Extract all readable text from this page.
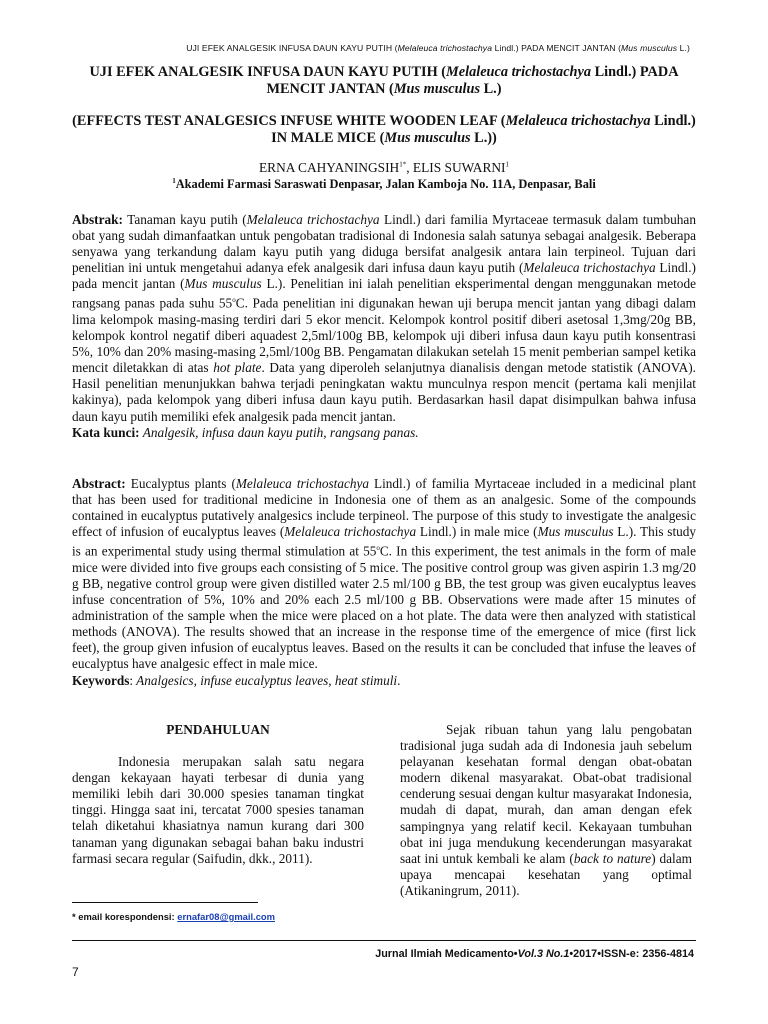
UJI EFEK ANALGESIK INFUSA DAUN KAYU PUTIH (Melaleuca trichostachya Lindl.) PADA MENCIT JANTAN (Mus musculus L.)
UJI EFEK ANALGESIK INFUSA DAUN KAYU PUTIH (Melaleuca trichostachya Lindl.) PADA MENCIT JANTAN (Mus musculus L.)
(EFFECTS TEST ANALGESICS INFUSE WHITE WOODEN LEAF (Melaleuca trichostachya Lindl.) IN MALE MICE (Mus musculus L.))
ERNA $CAHYANINGSIH^{1*}$, ELIS SUWARNI$^1$
$^1$Akademi Farmasi Saraswati Denpasar, Jalan Kamboja No. 11A, Denpasar, Bali
Abstrak: Tanaman kayu putih (Melaleuca trichostachya Lindl.) dari familia Myrtaceae termasuk dalam tumbuhan obat yang sudah dimanfaatkan untuk pengobatan tradisional di Indonesia salah satunya sebagai analgesik. Beberapa senyawa yang terkandung dalam kayu putih yang diduga bersifat analgesik antara lain terpineol. Tujuan dari penelitian ini untuk mengetahui adanya efek analgesik dari infusa daun kayu putih (Melaleuca trichostachya Lindl.) pada mencit jantan (Mus musculus L.). Penelitian ini ialah penelitian eksperimental dengan menggunakan metode rangsang panas pada suhu 55$^o$C. Pada penelitian ini digunakan hewan uji berupa mencit jantan yang dibagi dalam lima kelompok masing-masing terdiri dari 5 ekor mencit. Kelompok kontrol positif diberi asetosal 1,3mg/20g BB, kelompok kontrol negatif diberi aquadest 2,5ml/100g BB, kelompok uji diberi infusa daun kayu putih konsentrasi 5%, 10% dan 20% masing-masing 2,5ml/100g BB. Pengamatan dilakukan setelah 15 menit pemberian sampel ketika mencit diletakkan di atas hot plate. Data yang diperoleh selanjutnya dianalisis dengan metode statistik (ANOVA). Hasil penelitian menunjukkan bahwa terjadi peningkatan waktu munculnya respon mencit (pertama kali menjilat kakinya), pada kelompok yang diberi infusa daun kayu putih. Berdasarkan hasil dapat disimpulkan bahwa infusa daun kayu putih memiliki efek analgesik pada mencit jantan.
Kata kunci: Analgesik, infusa daun kayu putih, rangsang panas.
Abstract: Eucalyptus plants (Melaleuca trichostachya Lindl.) of familia Myrtaceae included in a medicinal plant that has been used for traditional medicine in Indonesia one of them as an analgesic. Some of the compounds contained in eucalyptus putatively analgesics include terpineol. The purpose of this study to investigate the analgesic effect of infusion of eucalyptus leaves (Melaleuca trichostachya Lindl.) in male mice (Mus musculus L.). This study is an experimental study using thermal stimulation at 55$^o$C. In this experiment, the test animals in the form of male mice were divided into five groups each consisting of 5 mice. The positive control group was given aspirin 1.3 mg/20 g BB, negative control group were given distilled water 2.5 ml/100 g BB, the test group was given eucalyptus leaves infuse concentration of 5%, 10% and 20% each 2.5 ml/100 g BB. Observations were made after 15 minutes of administration of the sample when the mice were placed on a hot plate. The data were then analyzed with statistical methods (ANOVA). The results showed that an increase in the response time of the emergence of mice (first lick feet), the group given infusion of eucalyptus leaves. Based on the results it can be concluded that infuse the leaves of eucalyptus have analgesic effect in male mice.
Keywords: Analgesics, infuse eucalyptus leaves, heat stimuli.
PENDAHULUAN

Indonesia merupakan salah satu negara dengan kekayaan hayati terbesar di dunia yang memiliki lebih dari 30.000 spesies tanaman tingkat tinggi. Hingga saat ini, tercatat 7000 spesies tanaman telah diketahui khasiatnya namun kurang dari 300 tanaman yang digunakan sebagai bahan baku industri farmasi secara regular (Saifudin, dkk., 2011).

Sejak ribuan tahun yang lalu pengobatan tradisional juga sudah ada di Indonesia jauh sebelum pelayanan kesehatan formal dengan obat-obatan modern dikenal masyarakat. Obat-obat tradisional cenderung sesuai dengan kultur masyarakat Indonesia, mudah di dapat, murah, dan aman dengan efek sampingnya yang relatif kecil. Kekayaan tumbuhan obat ini juga mendukung kecenderungan masyarakat saat ini untuk kembali ke alam (back to nature) dalam upaya mencapai kesehatan yang optimal (Atikaningrum, 2011).

* email korespondensi: ernafar08@gmail.com
Jurnal Ilmiah Medicamento•Vol.3 No.1•2017•ISSN-e: 2356-4814
7
